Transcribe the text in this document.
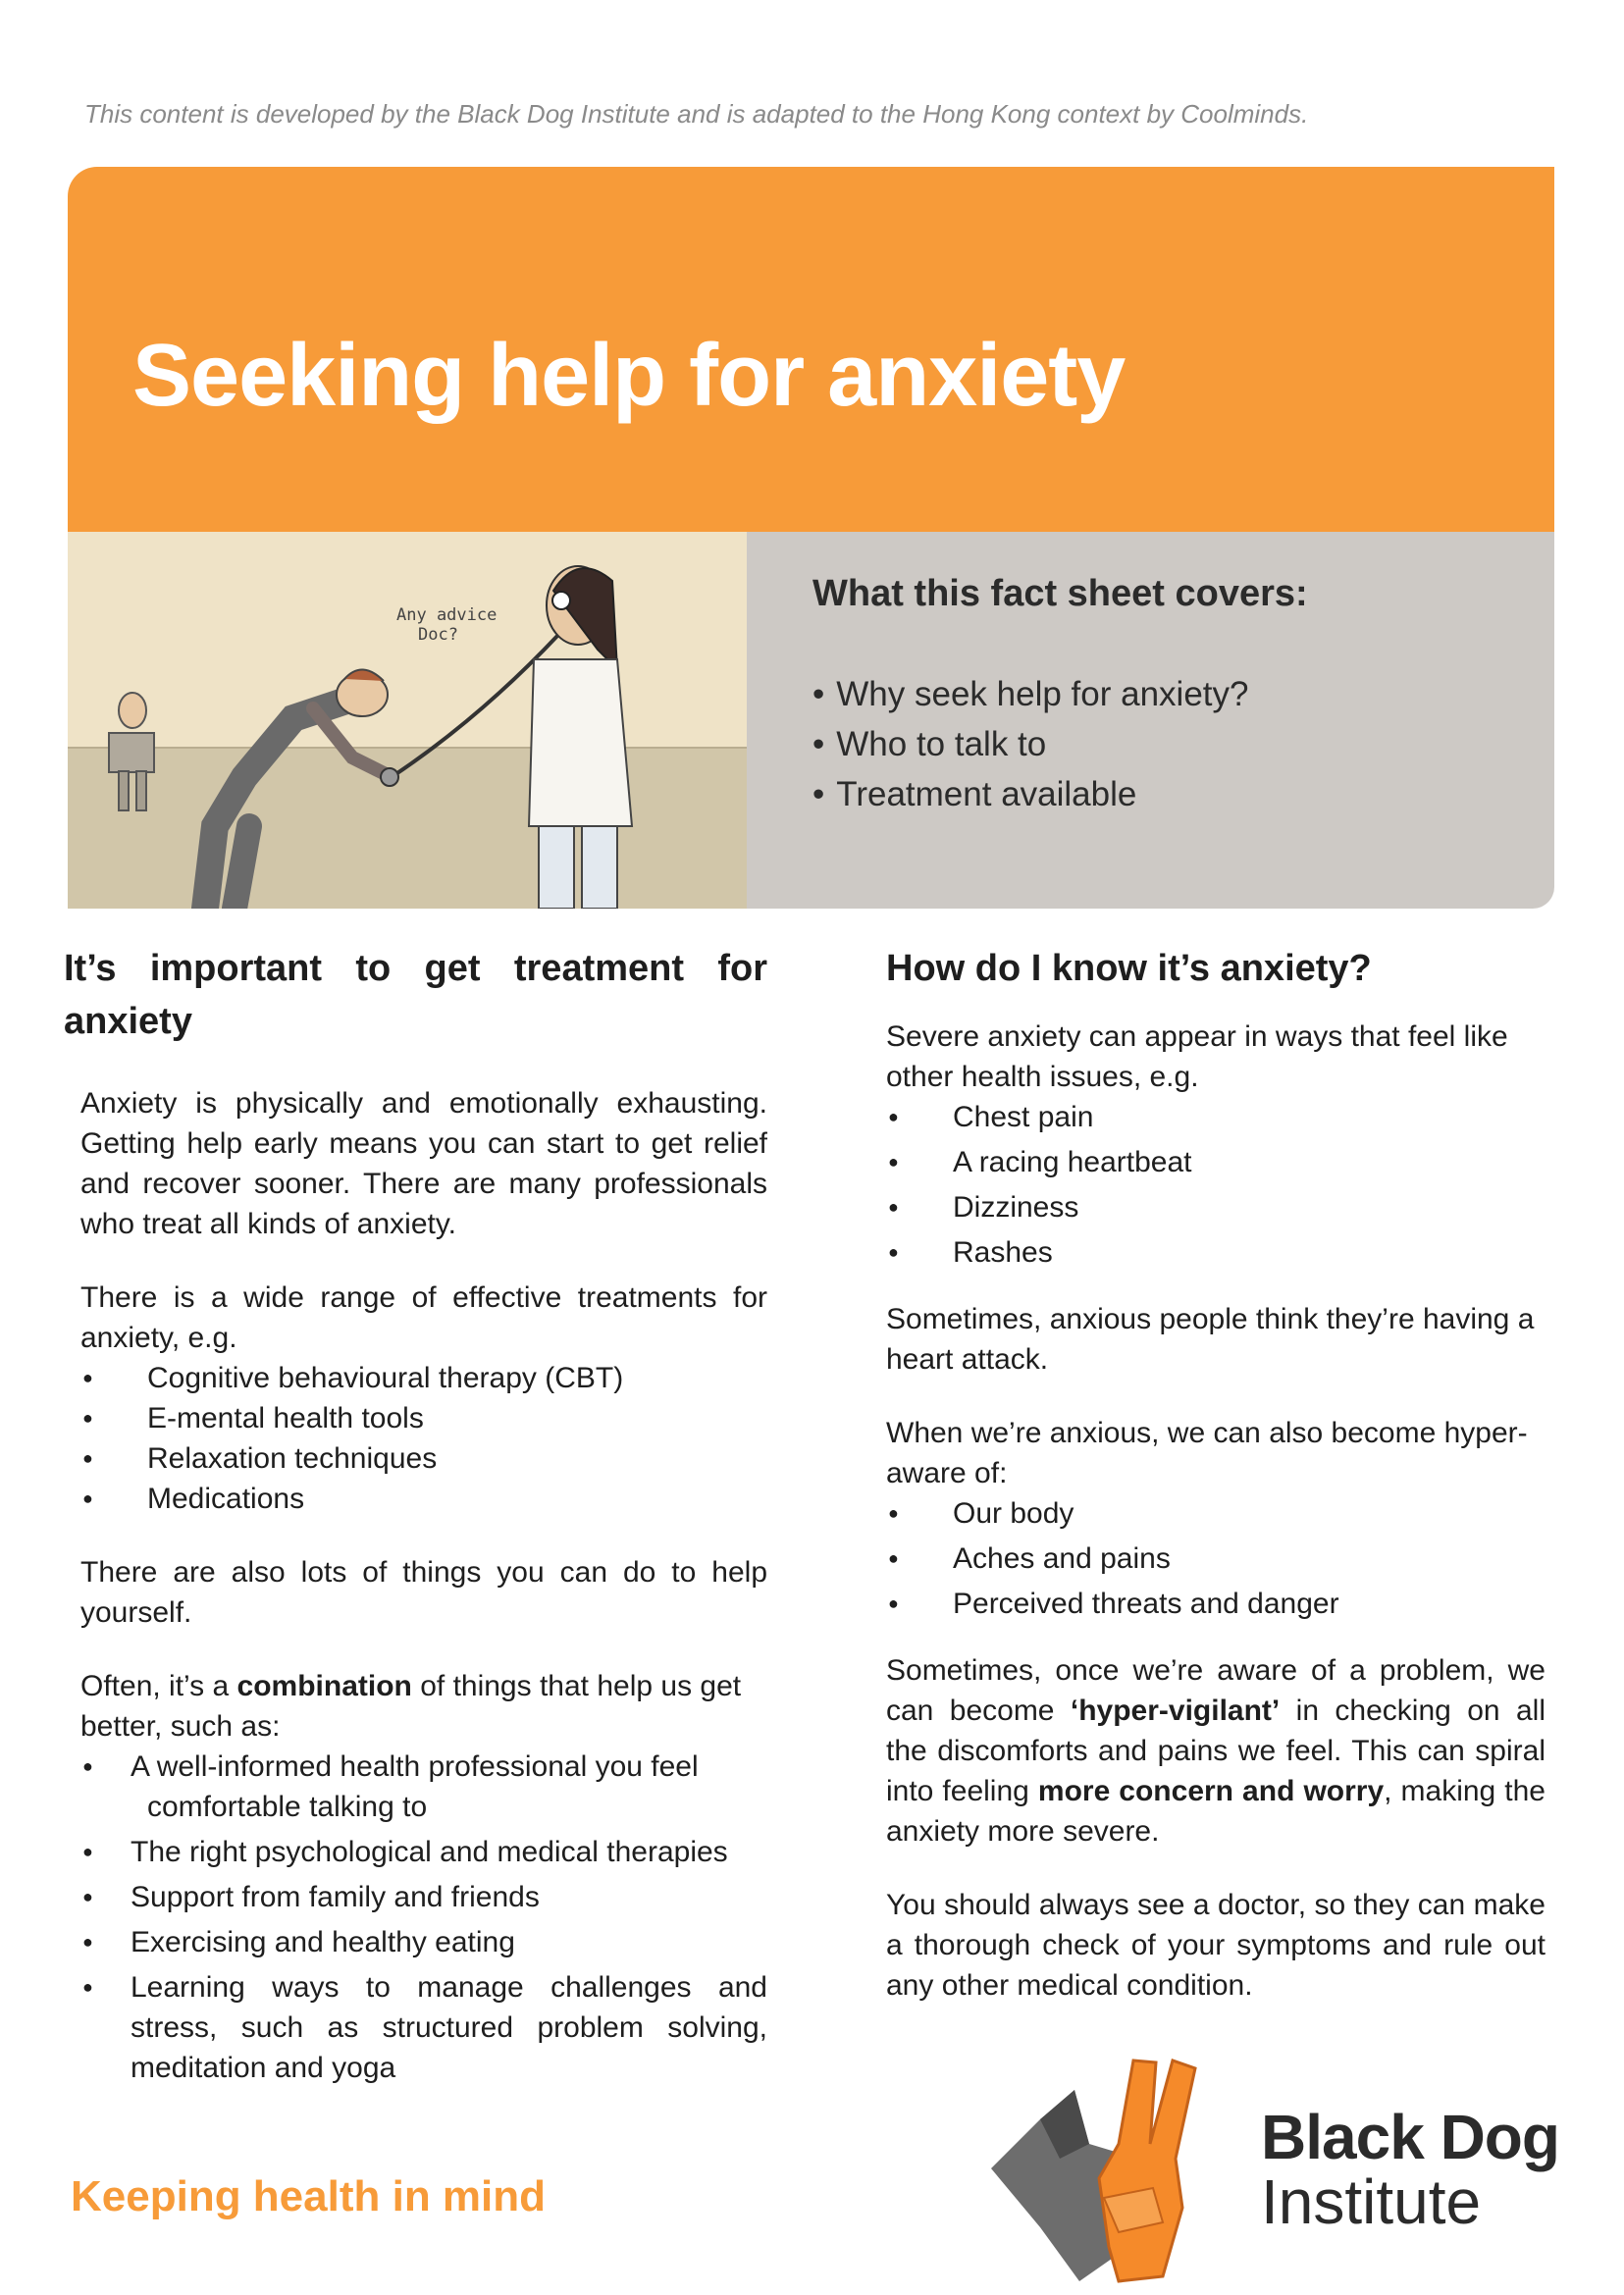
This content is developed by the Black Dog Institute and is adapted to the Hong Kong context by Coolminds.
Seeking help for anxiety
Any advice Doc?
What this fact sheet covers:
• Why seek help for anxiety?
• Who to talk to
• Treatment available
It’s important to get treatment for anxiety

Anxiety is physically and emotionally exhausting. Getting help early means you can start to get relief and recover sooner. There are many professionals who treat all kinds of anxiety.

There is a wide range of effective treatments for anxiety, e.g.

● Cognitive behavioural therapy (CBT)
● E-mental health tools
● Relaxation techniques
● Medications

There are also lots of things you can do to help yourself.

Often, it’s a combination of things that help us get better, such as:

● A well-informed health professional you feel
comfortable talking to
● The right psychological and medical therapies
● Support from family and friends
● Exercising and healthy eating
● Learning ways to manage challenges and stress, such as structured problem solving, meditation and yoga
How do I know it’s anxiety?

Severe anxiety can appear in ways that feel like other health issues, e.g.

● Chest pain
● A racing heartbeat
● Dizziness
● Rashes

Sometimes, anxious people think they’re having a heart attack.

When we’re anxious, we can also become hyper-aware of:

● Our body
● Aches and pains
● Perceived threats and danger

Sometimes, once we’re aware of a problem, we can become ‘hyper-vigilant’ in checking on all the discomforts and pains we feel. This can spiral into feeling more concern and worry, making the anxiety more severe.

You should always see a doctor, so they can make a thorough check of your symptoms and rule out any other medical condition.

Keeping health in mind
Black Dog
Institute
